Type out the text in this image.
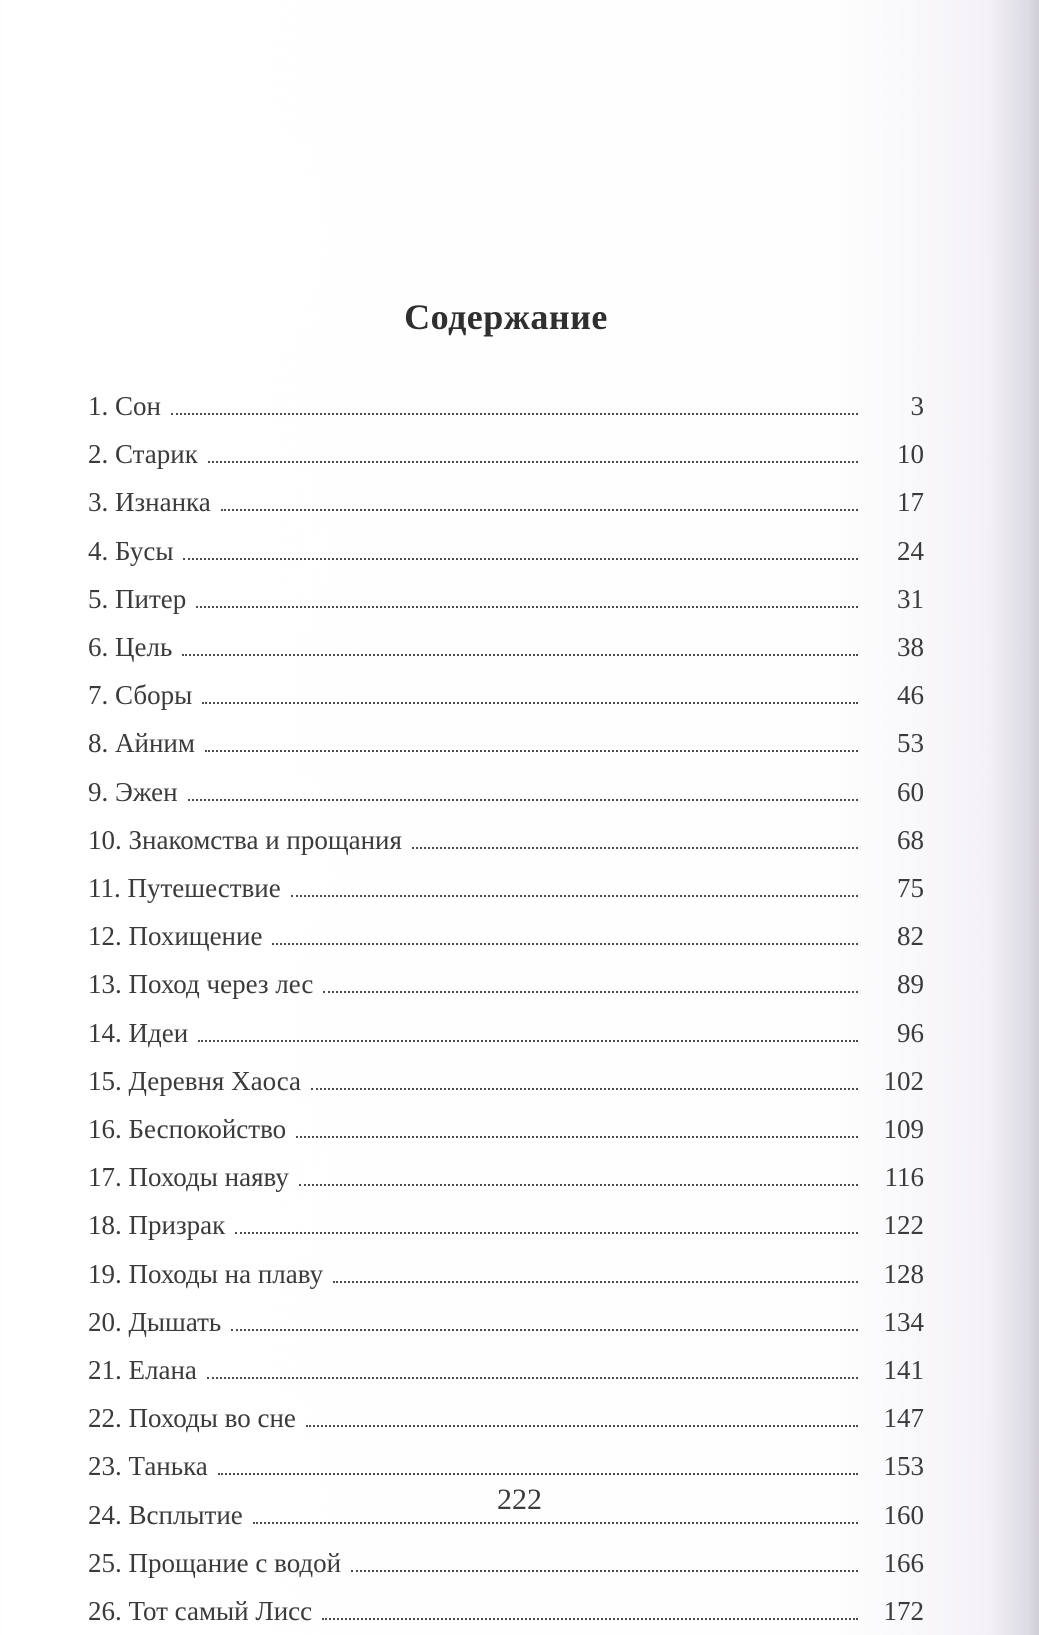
Содержание
1. Сон	3
2. Старик	10
3. Изнанка	17
4. Бусы	24
5. Питер	31
6. Цель	38
7. Сборы	46
8. Айним	53
9. Эжен	60
10. Знакомства и прощания	68
11. Путешествие	75
12. Похищение	82
13. Поход через лес	89
14. Идеи	96
15. Деревня Хаоса	102
16. Беспокойство	109
17. Походы наяву	116
18. Призрак	122
19. Походы на плаву	128
20. Дышать	134
21. Елана	141
22. Походы во сне	147
23. Танька	153
24. Всплытие	160
25. Прощание с водой	166
26. Тот самый Лисс	172
222
